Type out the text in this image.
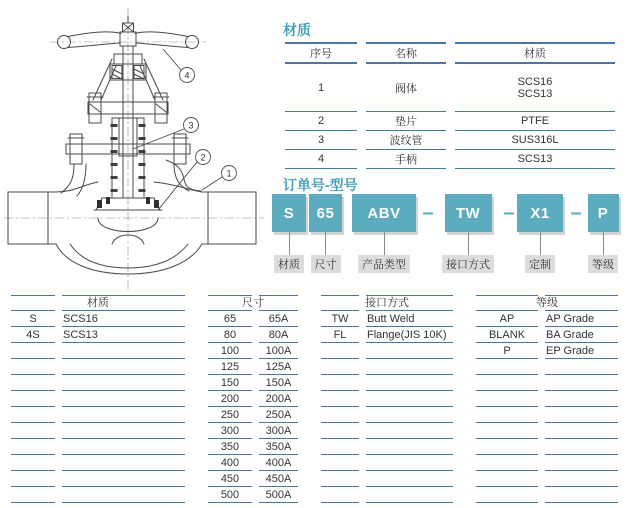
4
3
2
1
材质
序号	名称	材质
1	阀体	SCS16
SCS13

2	垫片	PTFE
3	波纹管	SUS316L
4	手柄	SCS13
订单号-型号
S
材质
65
尺寸
ABV
产品类型
–	TW
接口方式
–	X1
定制
–	P
等级
材质

S	SCS16
4S	SCS13

尺寸

65	65A
80	80A
100	100A
125	125A
150	150A
200	200A
250	250A
300	300A
350	350A
400	400A
450	450A
500	500A
接口方式

TW	Butt Weld
FL	Flange(JIS 10K)

等级

AP	AP Grade
BLANK	BA Grade
P	EP Grade
